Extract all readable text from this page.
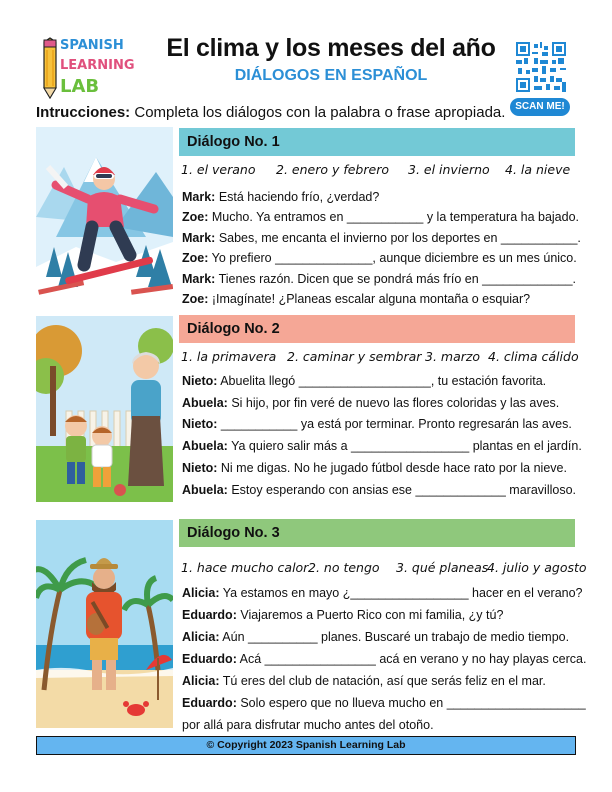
SPANISH
LEARNING
LAB
El clima y los meses del año
DIÁLOGOS EN ESPAÑOL
SCAN ME!
Intrucciones: Completa los diálogos con la palabra o frase apropiada.
Diálogo No. 1
1. el verano 2. enero y febrero 3. el invierno 4. la nieve
Mark: Está haciendo frío, ¿verdad?
Zoe: Mucho. Ya entramos en ___________ y la temperatura ha bajado.
Mark: Sabes, me encanta el invierno por los deportes en ___________.
Zoe: Yo prefiero ______________, aunque diciembre es un mes único.
Mark: Tienes razón. Dicen que se pondrá más frío en _____________.
Zoe: ¡Imagínate! ¿Planeas escalar alguna montaña o esquiar?
Diálogo No. 2
1. la primavera 2. caminar y sembrar 3. marzo 4. clima cálido
Nieto: Abuelita llegó ___________________, tu estación favorita.
Abuela: Si hijo, por fin veré de nuevo las flores coloridas y las aves.
Nieto: ___________ ya está por terminar. Pronto regresarán las aves.
Abuela: Ya quiero salir más a _________________ plantas en el jardín.
Nieto: Ni me digas. No he jugado fútbol desde hace rato por la nieve.
Abuela: Estoy esperando con ansias ese _____________ maravilloso.
Diálogo No. 3
1. hace mucho calor2. no tengo 3. qué planeas4. julio y agosto
Alicia: Ya estamos en mayo ¿_________________ hacer en el verano?
Eduardo: Viajaremos a Puerto Rico con mi familia, ¿y tú?
Alicia: Aún __________ planes. Buscaré un trabajo de medio tiempo.
Eduardo: Acá ________________ acá en verano y no hay playas cerca.
Alicia: Tú eres del club de natación, así que serás feliz en el mar.
Eduardo: Solo espero que no llueva mucho en ____________________
por allá para disfrutar mucho antes del otoño.
© Copyright 2023 Spanish Learning Lab
